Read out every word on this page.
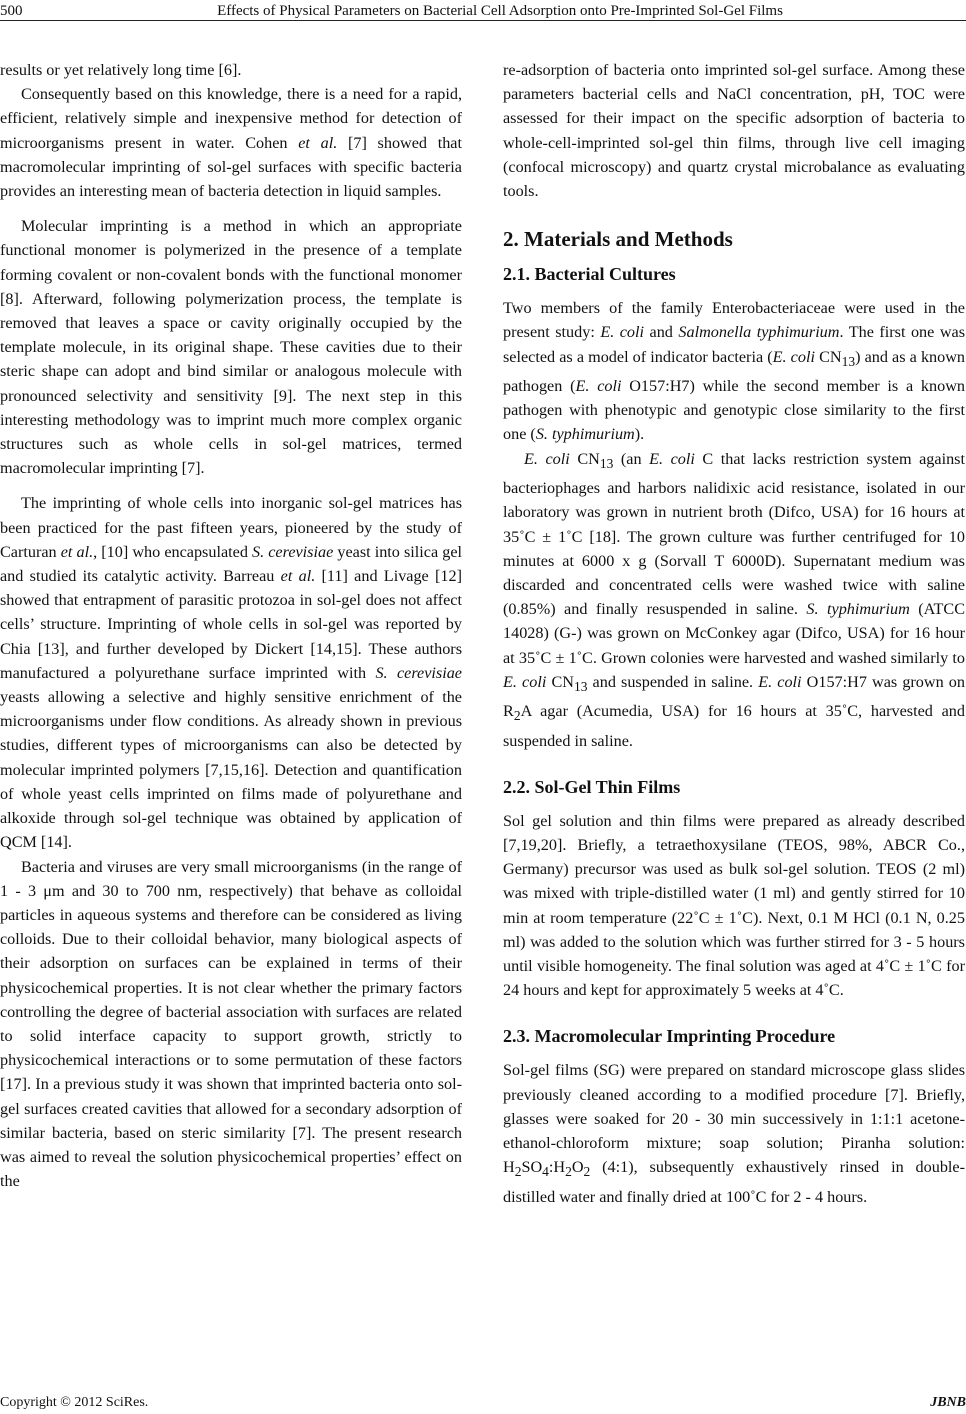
500	Effects of Physical Parameters on Bacterial Cell Adsorption onto Pre-Imprinted Sol-Gel Films

results or yet relatively long time [6].

Consequently based on this knowledge, there is a need for a rapid, efficient, relatively simple and inexpensive method for detection of microorganisms present in water. Cohen et al. [7] showed that macromolecular imprinting of sol-gel surfaces with specific bacteria provides an interesting mean of bacteria detection in liquid samples.

Molecular imprinting is a method in which an appropriate functional monomer is polymerized in the presence of a template forming covalent or non-covalent bonds with the functional monomer [8]. Afterward, following polymerization process, the template is removed that leaves a space or cavity originally occupied by the template molecule, in its original shape. These cavities due to their steric shape can adopt and bind similar or analogous molecule with pronounced selectivity and sensitivity [9]. The next step in this interesting methodology was to imprint much more complex organic structures such as whole cells in sol-gel matrices, termed macromolecular imprinting [7].

The imprinting of whole cells into inorganic sol-gel matrices has been practiced for the past fifteen years, pioneered by the study of Carturan et al., [10] who encapsulated S. cerevisiae yeast into silica gel and studied its catalytic activity. Barreau et al. [11] and Livage [12] showed that entrapment of parasitic protozoa in sol-gel does not affect cells’ structure. Imprinting of whole cells in sol-gel was reported by Chia [13], and further developed by Dickert [14,15]. These authors manufactured a polyurethane surface imprinted with S. cerevisiae yeasts allowing a selective and highly sensitive enrichment of the microorganisms under flow conditions. As already shown in previous studies, different types of microorganisms can also be detected by molecular imprinted polymers [7,15,16]. Detection and quantification of whole yeast cells imprinted on films made of polyurethane and alkoxide through sol-gel technique was obtained by application of QCM [14].

Bacteria and viruses are very small microorganisms (in the range of 1 - 3 μm and 30 to 700 nm, respectively) that behave as colloidal particles in aqueous systems and therefore can be considered as living colloids. Due to their colloidal behavior, many biological aspects of their adsorption on surfaces can be explained in terms of their physicochemical properties. It is not clear whether the primary factors controlling the degree of bacterial association with surfaces are related to solid interface capacity to support growth, strictly to physicochemical interactions or to some permutation of these factors [17]. In a previous study it was shown that imprinted bacteria onto sol-gel surfaces created cavities that allowed for a secondary adsorption of similar bacteria, based on steric similarity [7]. The present research was aimed to reveal the solution physicochemical properties’ effect on the

re-adsorption of bacteria onto imprinted sol-gel surface. Among these parameters bacterial cells and NaCl concentration, pH, TOC were assessed for their impact on the specific adsorption of bacteria to whole-cell-imprinted sol-gel thin films, through live cell imaging (confocal microscopy) and quartz crystal microbalance as evaluating tools.

2. Materials and Methods
2.1. Bacterial Cultures

Two members of the family Enterobacteriaceae were used in the present study: E. coli and Salmonella typhimurium. The first one was selected as a model of indicator bacteria (E. coli $CN_{13}$) and as a known pathogen (E. coli O157:H7) while the second member is a known pathogen with phenotypic and genotypic close similarity to the first one (S. typhimurium).

E. coli $CN_{13}$ (an E. coli C that lacks restriction system against bacteriophages and harbors nalidixic acid resistance, isolated in our laboratory was grown in nutrient broth (Difco, USA) for 16 hours at 35˚C ± 1˚C [18]. The grown culture was further centrifuged for 10 minutes at 6000 x g (Sorvall T 6000D). Supernatant medium was discarded and concentrated cells were washed twice with saline (0.85%) and finally resuspended in saline. S. typhimurium (ATCC 14028) (G-) was grown on McConkey agar (Difco, USA) for 16 hour at 35˚C ± 1˚C. Grown colonies were harvested and washed similarly to E. coli $CN_{13}$ and suspended in saline. E. coli O157:H7 was grown on $R_2A$ agar (Acumedia, USA) for 16 hours at 35˚C, harvested and suspended in saline.

2.2. Sol-Gel Thin Films

Sol gel solution and thin films were prepared as already described [7,19,20]. Briefly, a tetraethoxysilane (TEOS, 98%, ABCR Co., Germany) precursor was used as bulk sol-gel solution. TEOS (2 ml) was mixed with triple-distilled water (1 ml) and gently stirred for 10 min at room temperature (22˚C ± 1˚C). Next, 0.1 M HCl (0.1 N, 0.25 ml) was added to the solution which was further stirred for 3 - 5 hours until visible homogeneity. The final solution was aged at 4˚C ± 1˚C for 24 hours and kept for approximately 5 weeks at 4˚C.

2.3. Macromolecular Imprinting Procedure

Sol-gel films (SG) were prepared on standard microscope glass slides previously cleaned according to a modified procedure [7]. Briefly, glasses were soaked for 20 - 30 min successively in 1:1:1 acetone-ethanol-chloroform mixture; soap solution; Piranha solution: $H_2SO_4:H_2O_2$ (4:1), subsequently exhaustively rinsed in double-distilled water and finally dried at 100˚C for 2 - 4 hours.

Copyright © 2012 SciRes.	JBNB
